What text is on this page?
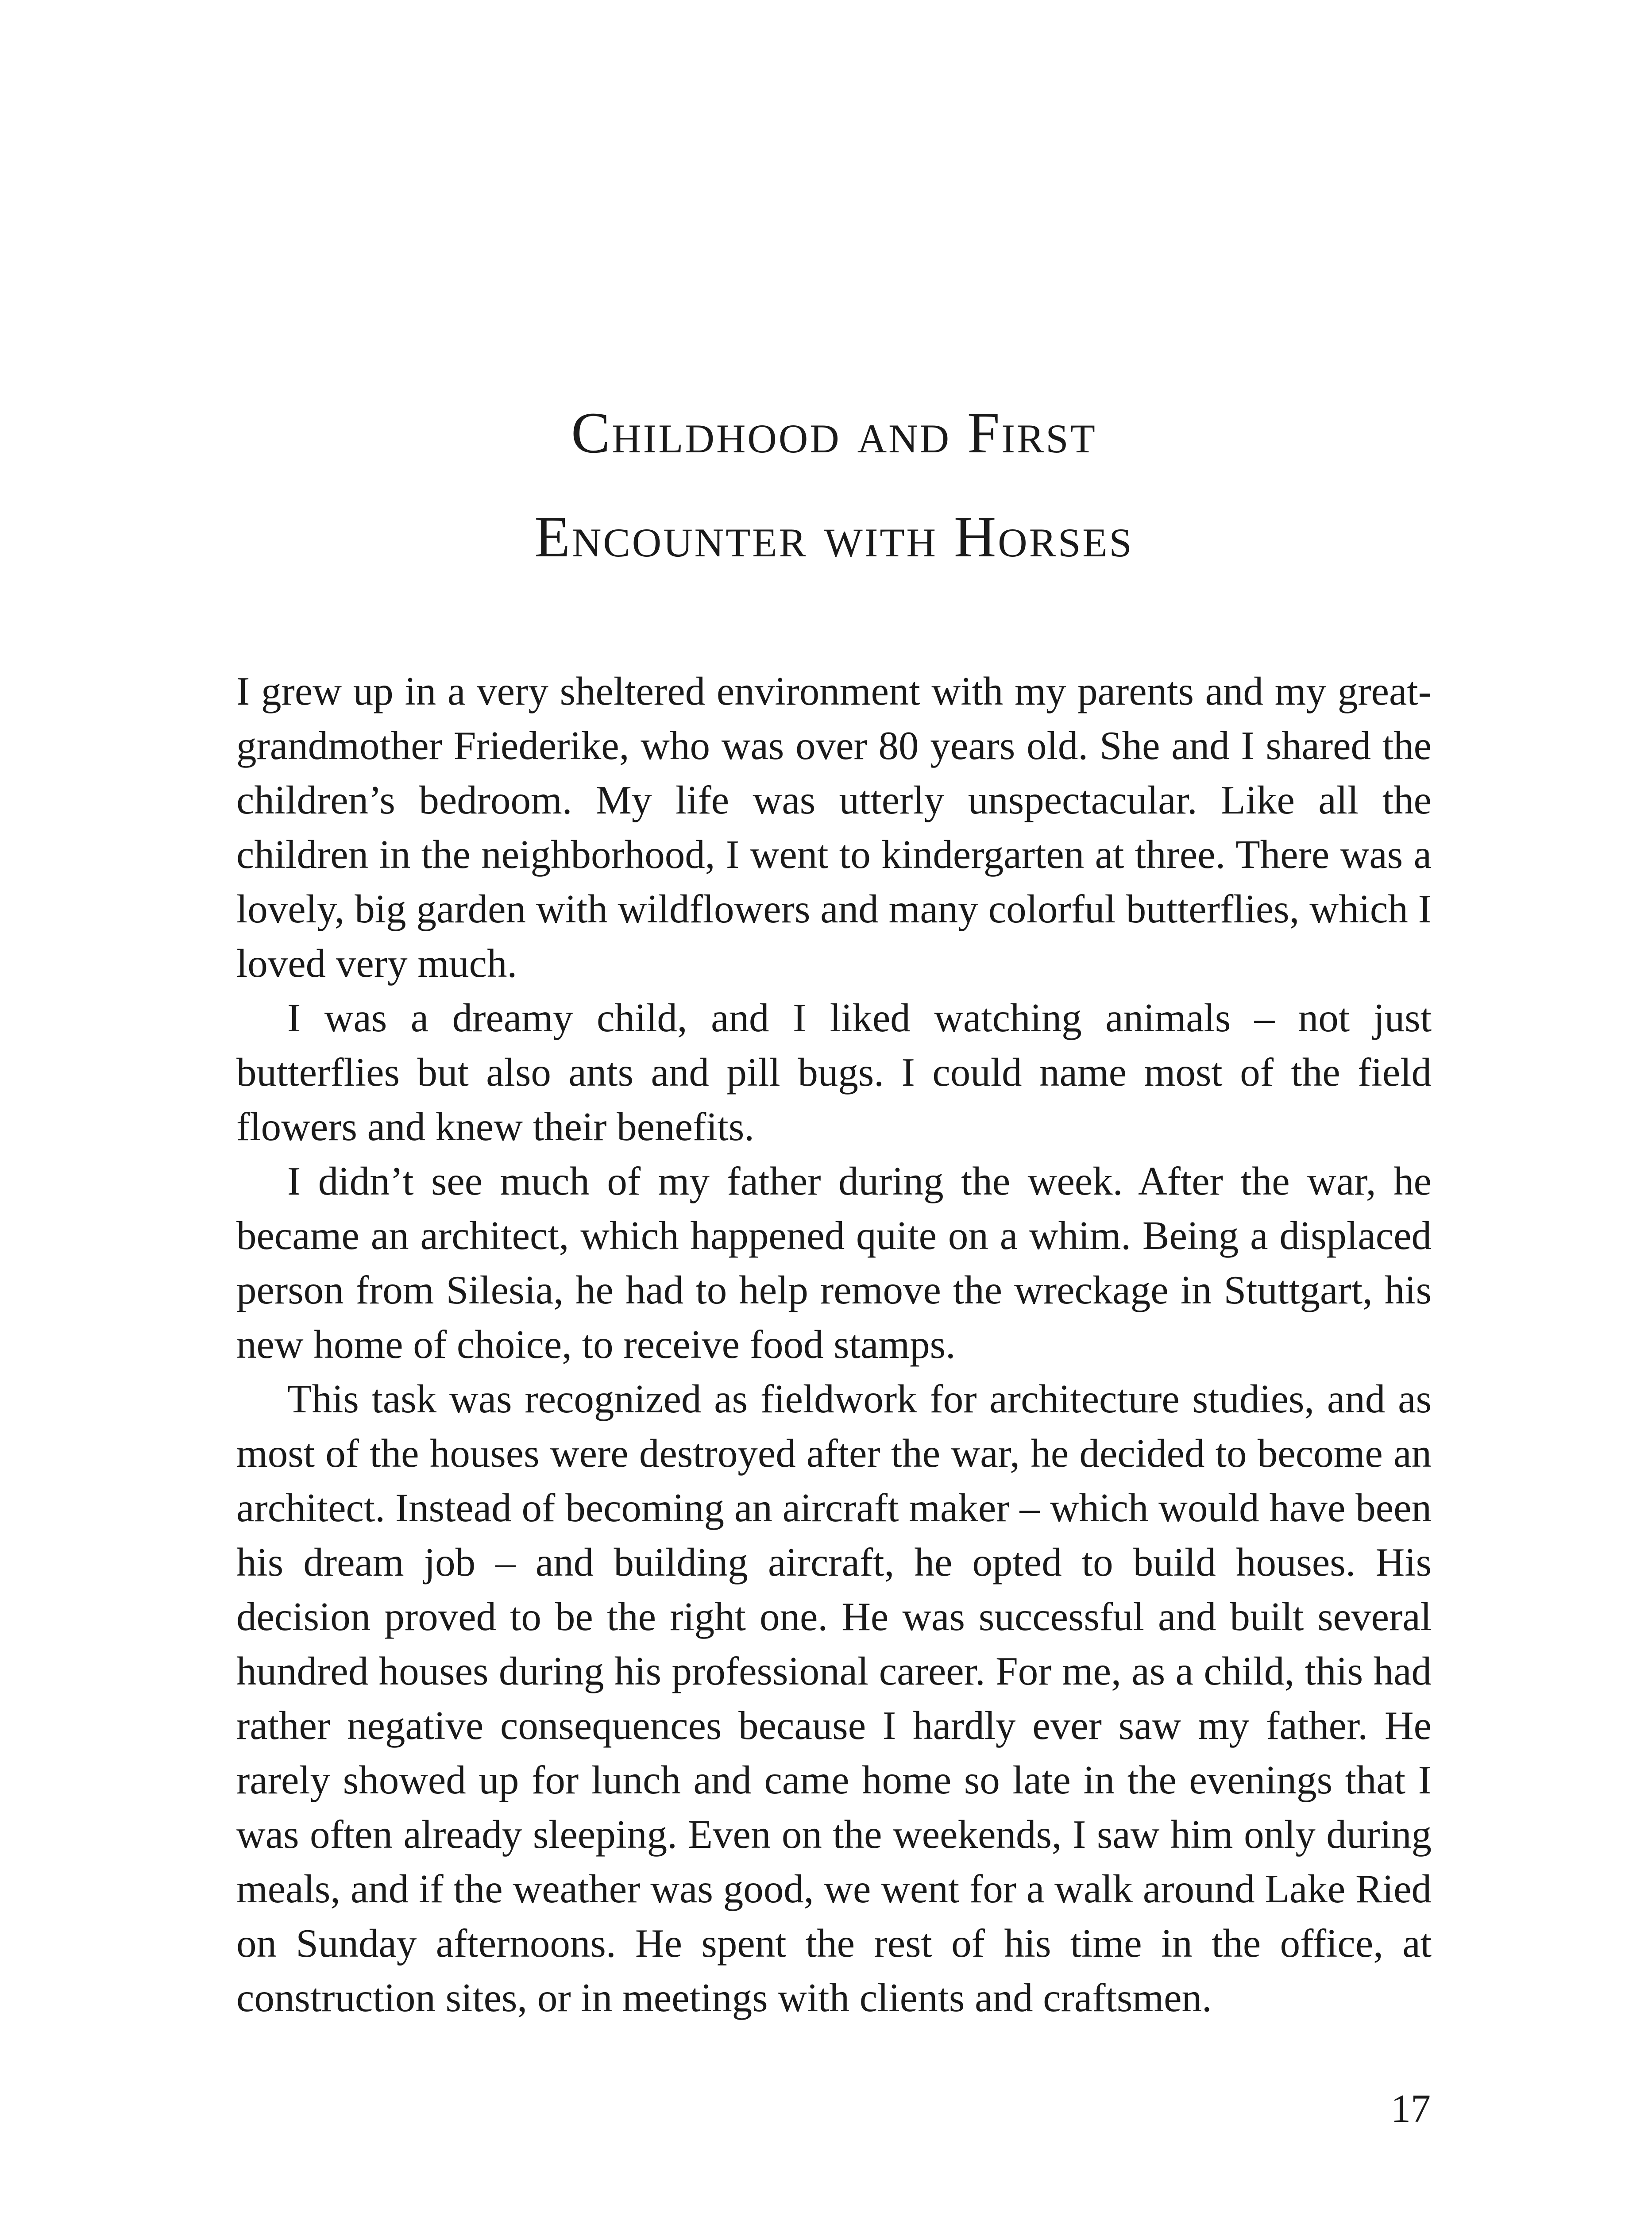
Childhood and First
Encounter with Horses

I grew up in a very sheltered environment with my parents and my great-grandmother Friederike, who was over 80 years old. She and I shared the children’s bedroom. My life was utterly unspectacular. Like all the children in the neighborhood, I went to kindergarten at three. There was a lovely, big garden with wildflowers and many colorful butterflies, which I loved very much.

I was a dreamy child, and I liked watching animals – not just butterflies but also ants and pill bugs. I could name most of the field flowers and knew their benefits.

I didn’t see much of my father during the week. After the war, he became an architect, which happened quite on a whim. Being a displaced person from Silesia, he had to help remove the wreckage in Stuttgart, his new home of choice, to receive food stamps.

This task was recognized as fieldwork for architecture studies, and as most of the houses were destroyed after the war, he decided to become an architect. Instead of becoming an aircraft maker – which would have been his dream job – and building aircraft, he opted to build houses. His decision proved to be the right one. He was successful and built several hundred houses during his professional career. For me, as a child, this had rather negative consequences because I hardly ever saw my father. He rarely showed up for lunch and came home so late in the evenings that I was often already sleeping. Even on the weekends, I saw him only during meals, and if the weather was good, we went for a walk around Lake Ried on Sunday afternoons. He spent the rest of his time in the office, at construction sites, or in meetings with clients and craftsmen.

17
